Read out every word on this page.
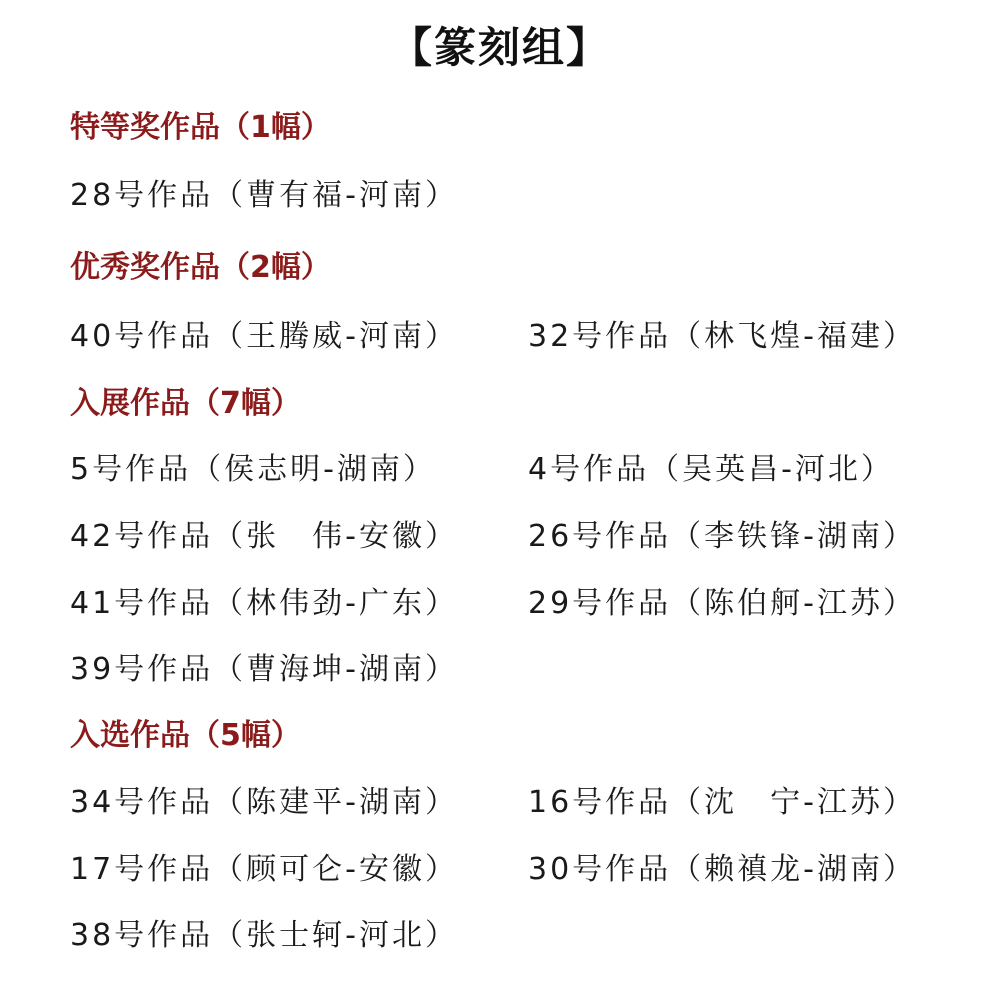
【篆刻组】
特等奖作品（1幅）
28号作品（曹有福-河南）
优秀奖作品（2幅）
40号作品（王腾威-河南） 32号作品（林飞煌-福建）
入展作品（7幅）
5号作品（侯志明-湖南）	4号作品（吴英昌-河北）
42号作品（张　伟-安徽） 26号作品（李铁锋-湖南）
41号作品（林伟劲-广东） 29号作品（陈伯舸-江苏）
39号作品（曹海坤-湖南）
入选作品（5幅）
34号作品（陈建平-湖南） 16号作品（沈　宁-江苏）
17号作品（顾可仑-安徽） 30号作品（赖禛龙-湖南）
38号作品（张士轲-河北）
